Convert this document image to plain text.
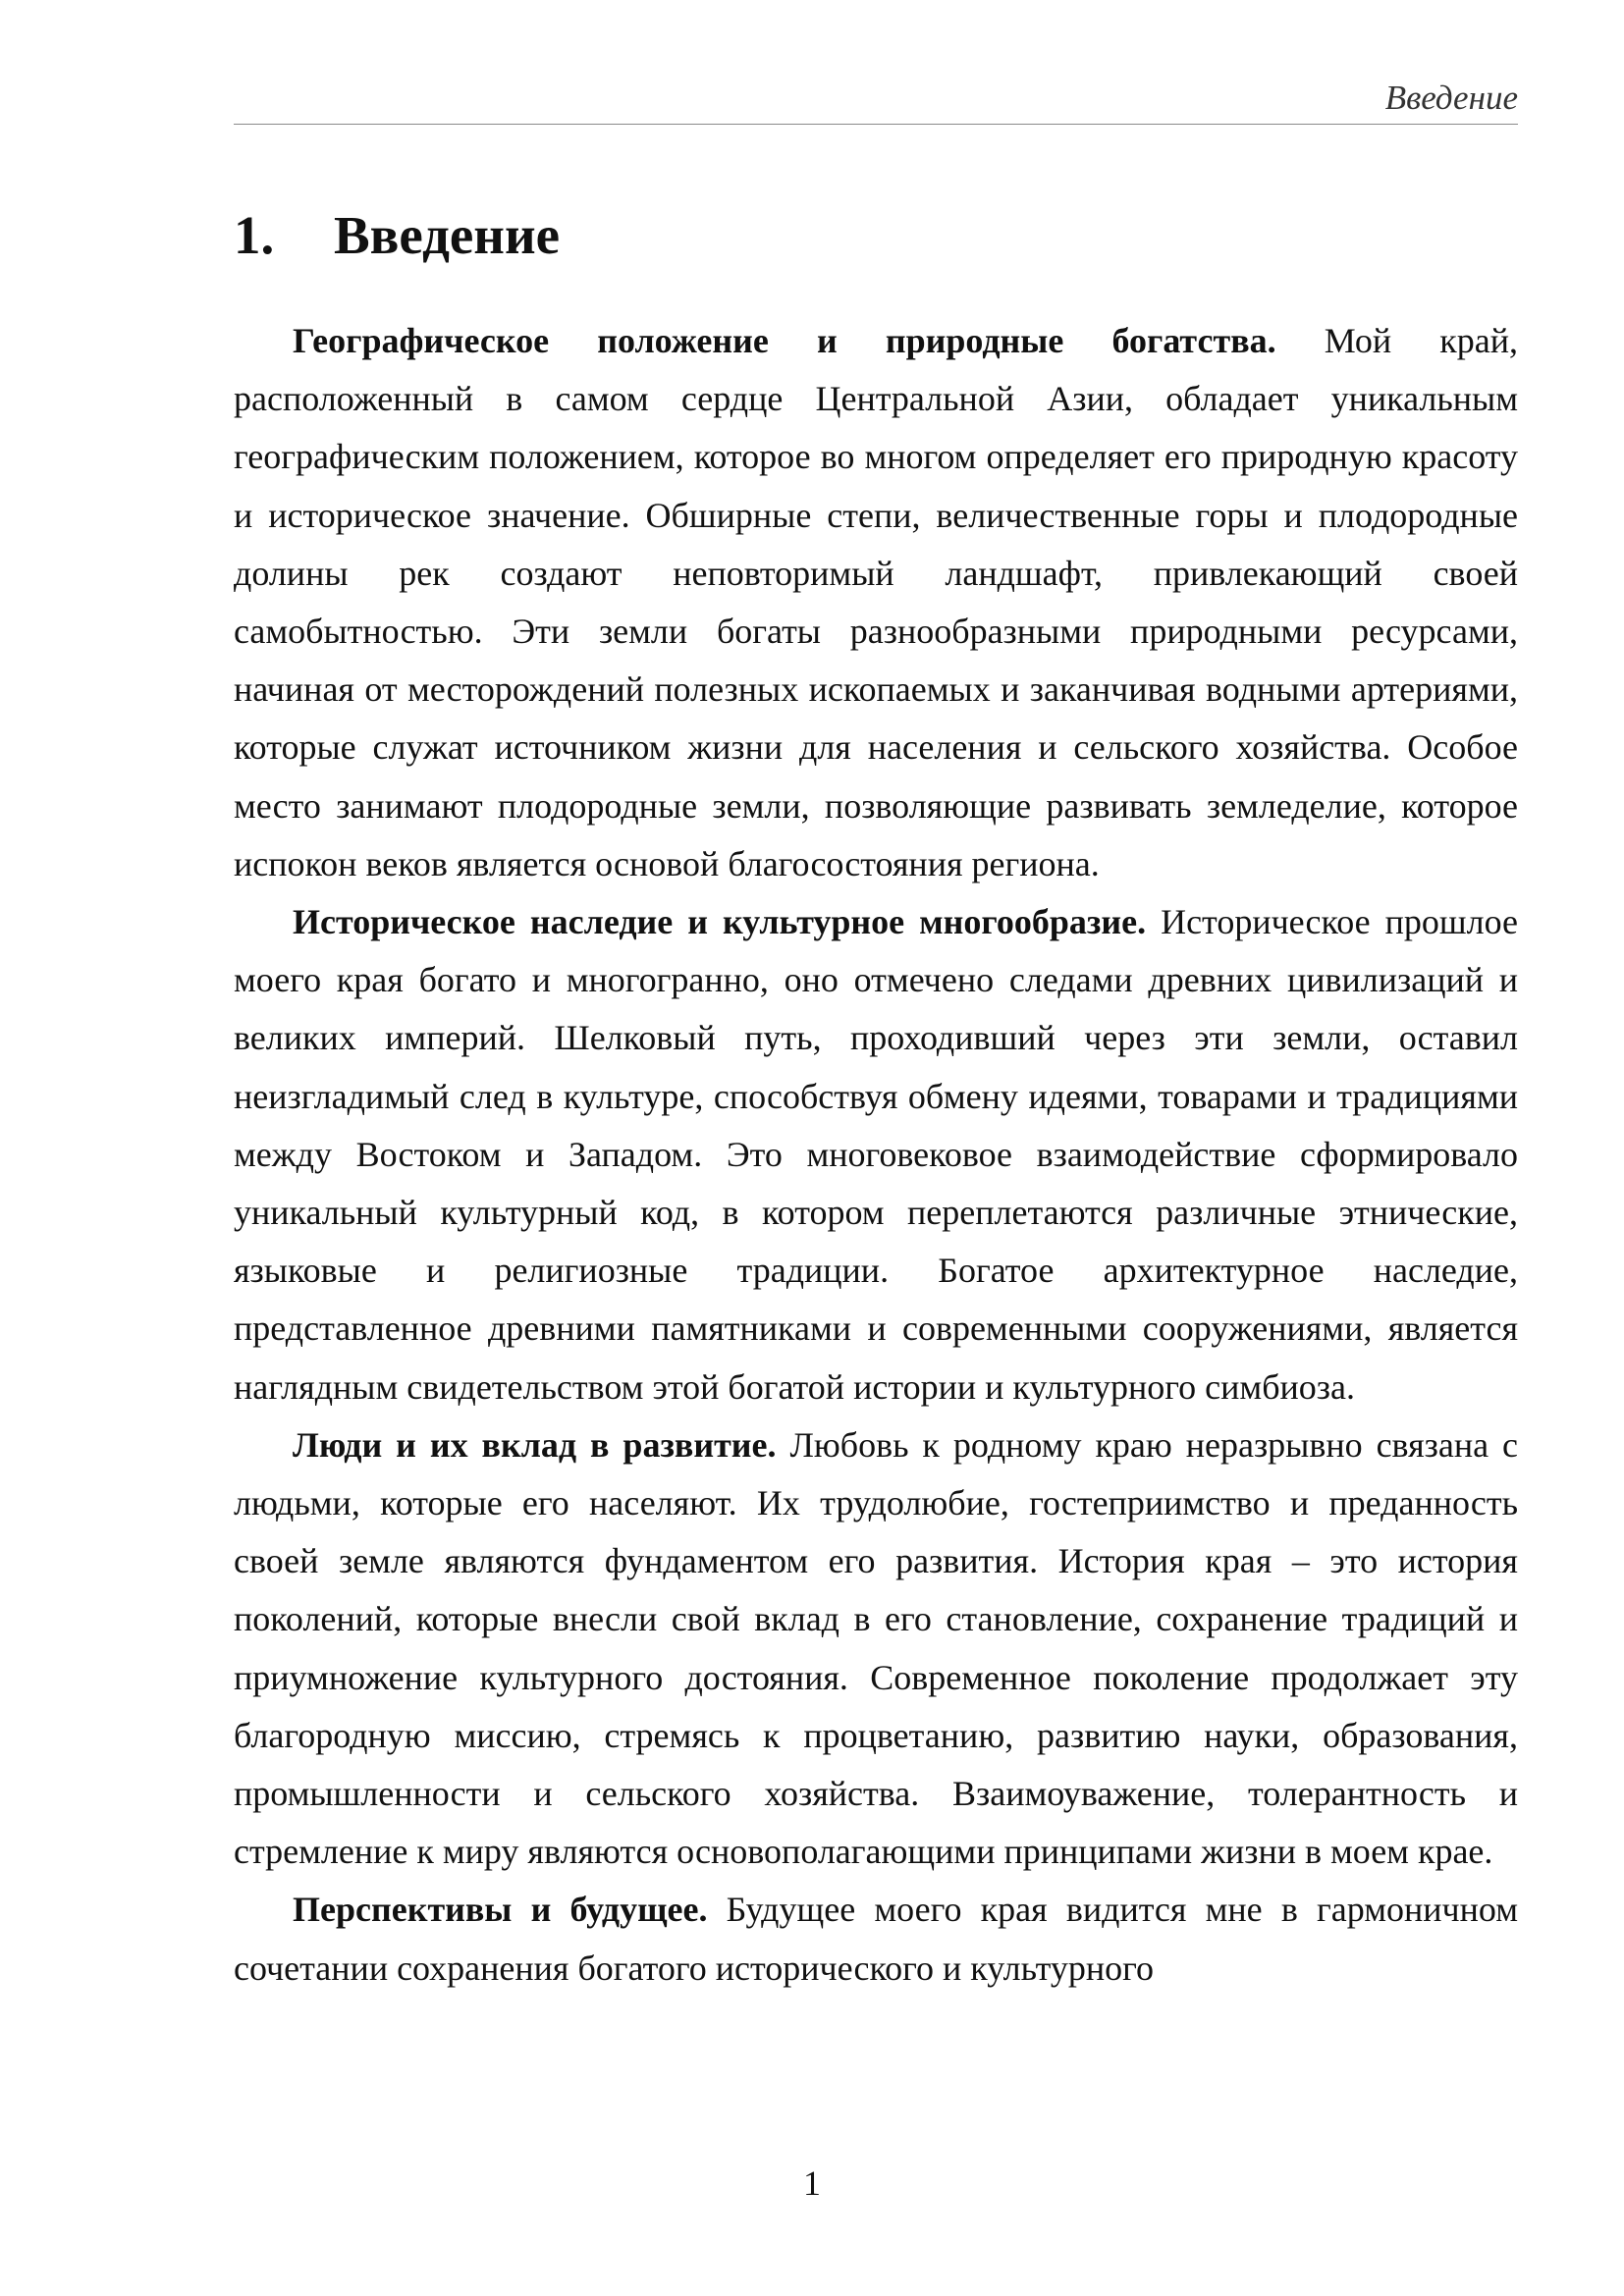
Введение
1. Введение

Географическое положение и природные богатства. Мой край, расположенный в самом сердце Центральной Азии, обладает уникальным географическим положением, которое во многом определяет его природную красоту и историческое значение. Обширные степи, величественные горы и плодородные долины рек создают неповторимый ландшафт, привлекающий своей самобытностью. Эти земли богаты разнообразными природными ресурсами, начиная от месторождений полезных ископаемых и заканчивая водными артериями, которые служат источником жизни для населения и сельского хозяйства. Особое место занимают плодородные земли, позволяющие развивать земледелие, которое испокон веков является основой благосостояния региона.

Историческое наследие и культурное многообразие. Историческое прошлое моего края богато и многогранно, оно отмечено следами древних цивилизаций и великих империй. Шелковый путь, проходивший через эти земли, оставил неизгладимый след в культуре, способствуя обмену идеями, товарами и традициями между Востоком и Западом. Это многовековое взаимодействие сформировало уникальный культурный код, в котором переплетаются различные этнические, языковые и религиозные традиции. Богатое архитектурное наследие, представленное древними памятниками и современными сооружениями, является наглядным свидетельством этой богатой истории и культурного симбиоза.

Люди и их вклад в развитие. Любовь к родному краю неразрывно связана с людьми, которые его населяют. Их трудолюбие, гостеприимство и преданность своей земле являются фундаментом его развития. История края – это история поколений, которые внесли свой вклад в его становление, сохранение традиций и приумножение культурного достояния. Современное поколение продолжает эту благородную миссию, стремясь к процветанию, развитию науки, образования, промышленности и сельского хозяйства. Взаимоуважение, толерантность и стремление к миру являются основополагающими принципами жизни в моем крае.

Перспективы и будущее. Будущее моего края видится мне в гармоничном сочетании сохранения богатого исторического и культурного

1
